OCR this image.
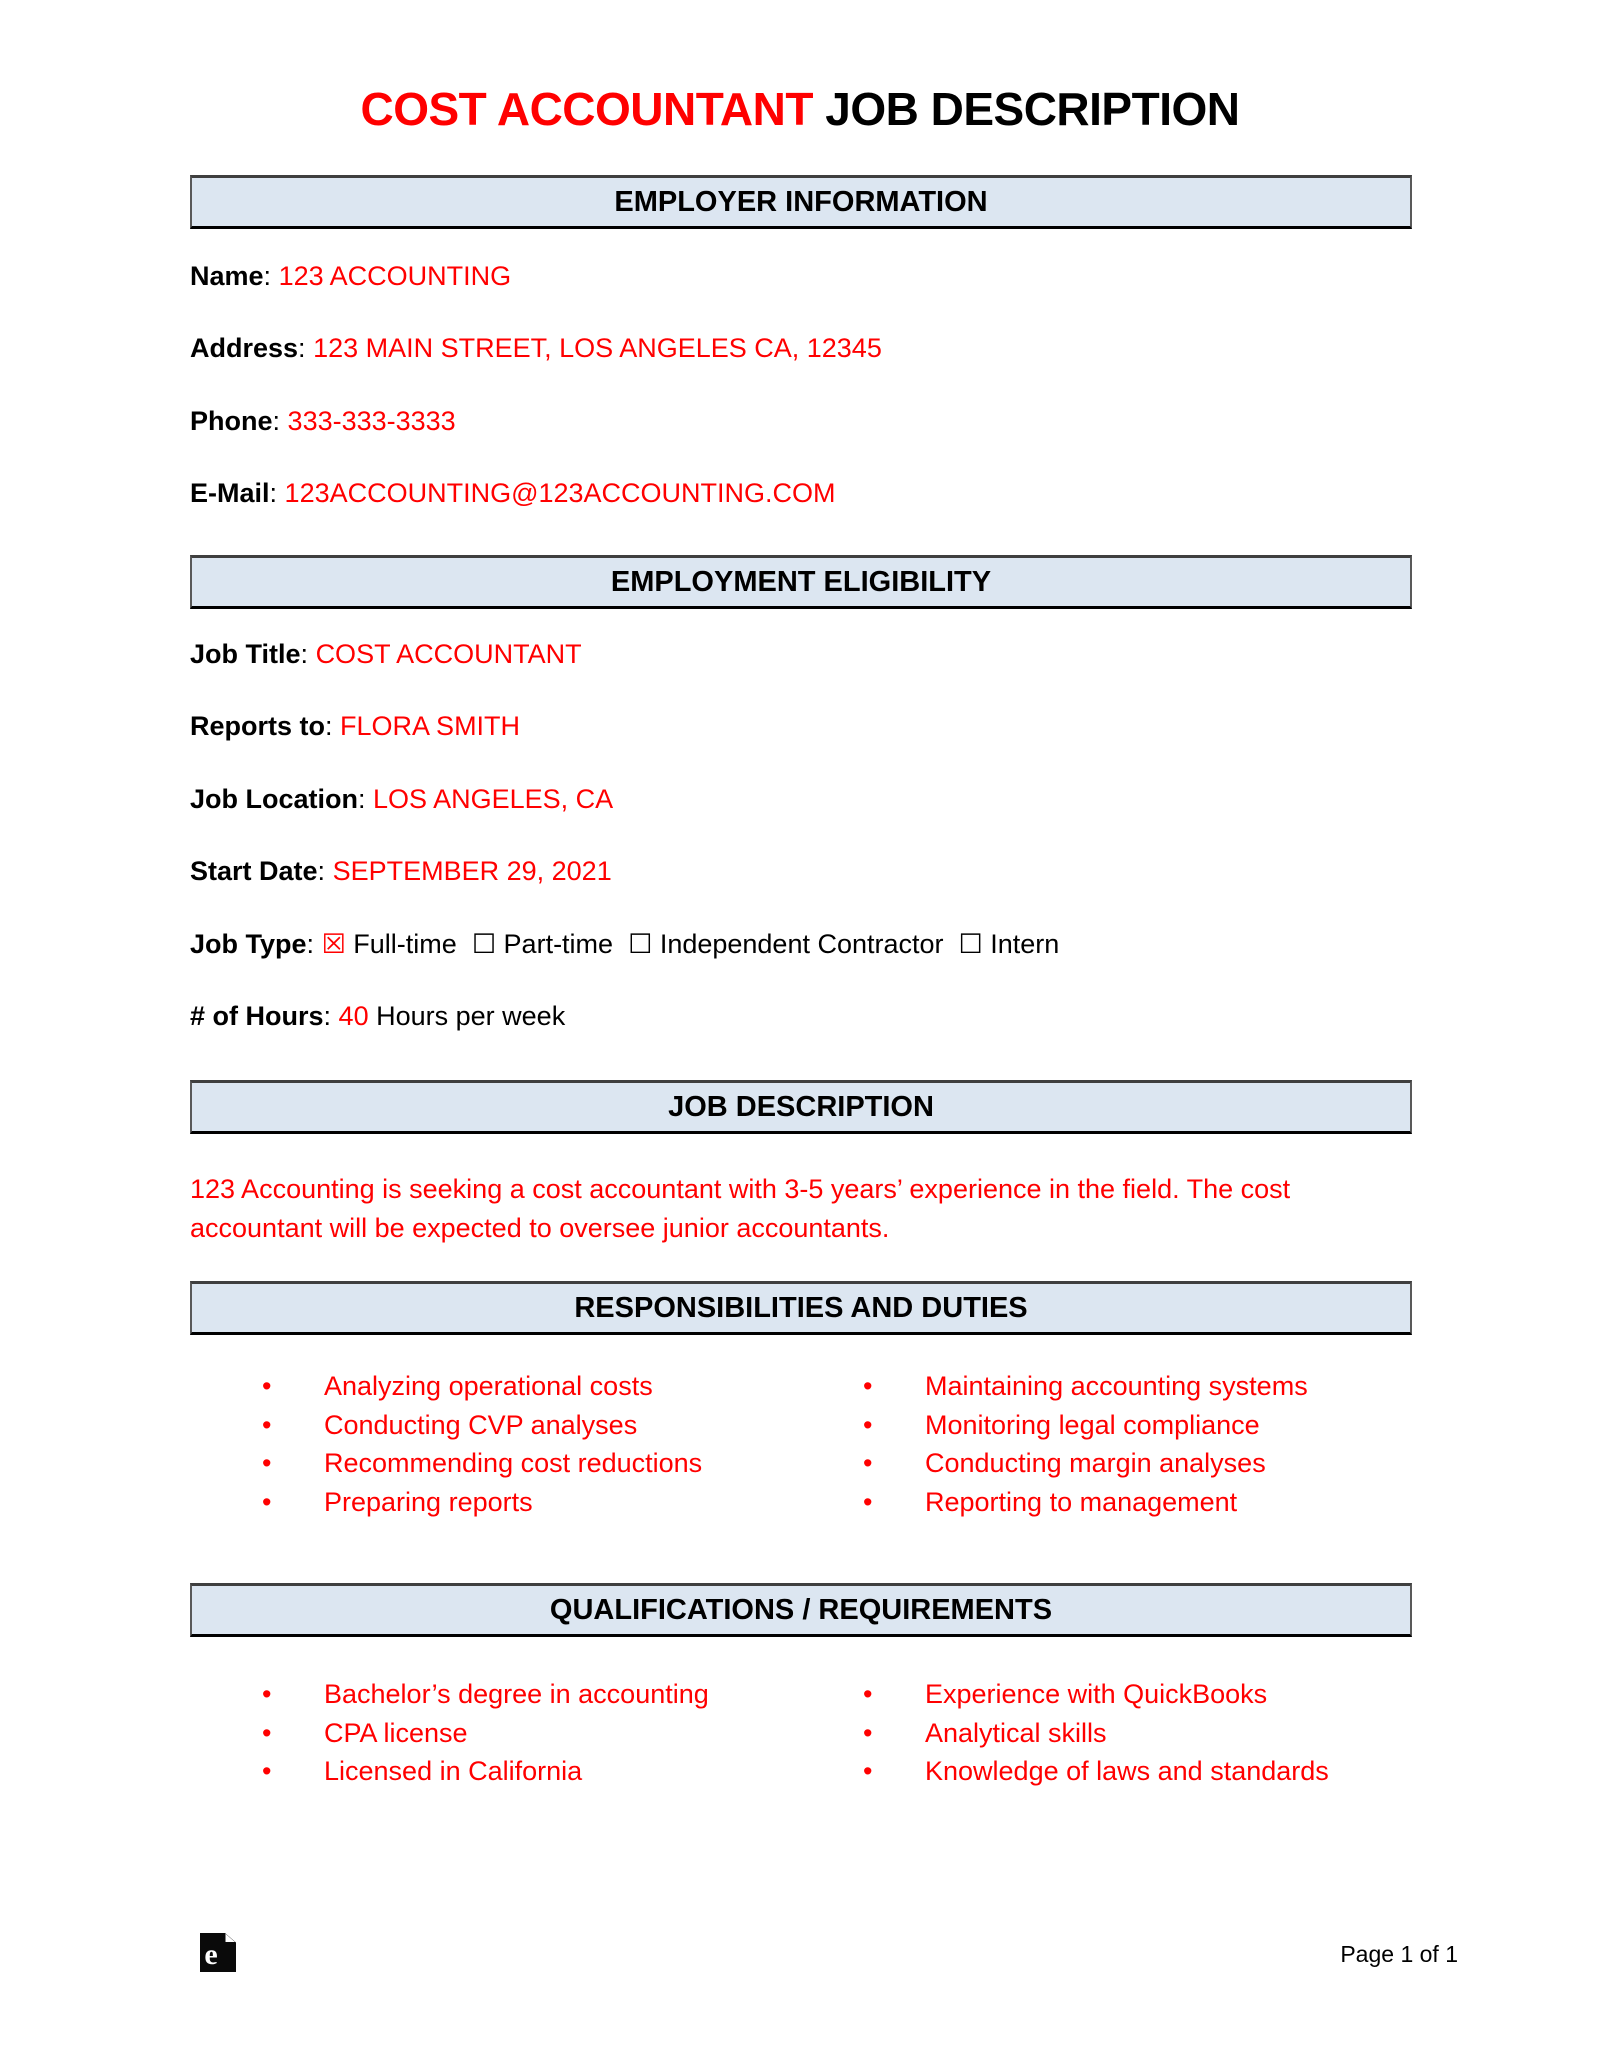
COST ACCOUNTANT JOB DESCRIPTION
EMPLOYER INFORMATION
Name : 123 ACCOUNTING
Address : 123 MAIN STREET, LOS ANGELES CA, 12345
Phone : 333-333-3333
E-Mail : 123ACCOUNTING@123ACCOUNTING.COM
EMPLOYMENT ELIGIBILITY
Job Title : COST ACCOUNTANT
Reports to : FLORA SMITH
Job Location : LOS ANGELES, CA
Start Date : SEPTEMBER 29, 2021
Job Type : ☒ Full-time ☐ Part-time ☐ Independent Contractor ☐ Intern
# of Hours : 40 Hours per week
JOB DESCRIPTION
123 Accounting is seeking a cost accountant with 3-5 years’ experience in the field. The cost accountant will be expected to oversee junior accountants.
RESPONSIBILITIES AND DUTIES
• Analyzing operational costs
• Conducting CVP analyses
• Recommending cost reductions
• Preparing reports
• Maintaining accounting systems
• Monitoring legal compliance
• Conducting margin analyses
• Reporting to management
QUALIFICATIONS / REQUIREMENTS
• Bachelor’s degree in accounting
• CPA license
• Licensed in California
• Experience with QuickBooks
• Analytical skills
• Knowledge of laws and standards
e	Page 1 of 1
